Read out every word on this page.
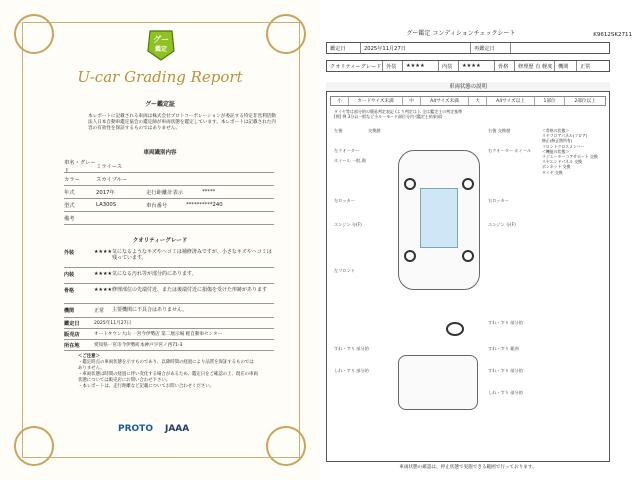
グー
鑑定
U-car Grading Report
グー鑑定証
本レポートに記載される車両は株式会社プロトコーポレーションが委託する特定非営利活動法人日本自動車鑑定協会の鑑定師が車両状態を鑑定しています。本レポートは記載された内容の有効性を保証するものではありません。
車両識別内容
車名・グレード
ミライース
カラー	スカイブルー
年式	2017年	走行距離計表示	*****
型式	LA300S	車台番号	**********240
備考
クオリティーグレード
外装	★★★★ 気になるようなキズやヘコミは補修済みですが、小さなキズやヘコミは残っています。
内装	★★★★ 気になる汚れ等が部分的にあります。
骨格	★★★★ 修理部位の先端付近、または後端付近に損傷を受けた形跡があります
機関	正常	主要機関に不具合はありません。
鑑定日	2025年11月27日
販売店	オートタウン大山 一宮今伊勢店 第二展示場 軽自動車センター
所在地	愛知県一宮市今伊勢町本神戸字宮ノ西71-3
＜ご注意＞
・鑑定時点の車両状態を示すものであり、以降時間の経過により品質を保証するものではありません。
・車両状態は時間の経過に伴い変化する場合があるため、鑑定日をご確認の上、現在の車両状態については販売店にお問い合わせ下さい。
・本レポートは、走行距離など記載についてお問い合わせください。
PROTO JAAA
K9612SK2711
グー鑑定 コンディションチェックシート
鑑定日	2025年11月27日	再鑑定日
クオリティーグレード 外装	★★★★	内装	★★★★	骨格	修理歴 有 軽度	機関	正常
車両状態の説明
小	カードサイズ未満	中	A4サイズ未満	大	A4サイズ以上	1部位	2部位以上
タイヤ等は部分的の簡易判定表記 (より判定は ). 全は鑑定士の判定基準
[例] 例 3分以一般など小ルーモード部位分内 (鑑定士結果部)
左後	交換歴	右後 交換歴
左クオーター
ホイール 一般,傷
右クオーター ホイール
左ロッカー	右ロッカー
エンジン 分(F)	エンジン 分(F)
左フロント
すれ・すり 部分的
すれ・すり 部分的	すれ・すり 範囲
すれ・すり 部分的
しれ・すり 部分的
しれ・すり 部分的
＜骨格の状態＞
リヤフロアパネル(フロア)
修正(修正箇所有)
フロントクロスメンバー
＜機能の状態＞
ラジエーターコアサポート 交換
リヤエンドパネル 交換
ボンネット 交換
タイヤ 交換
車両状態の確認は、停止状態で実施できる範囲で行っております。
